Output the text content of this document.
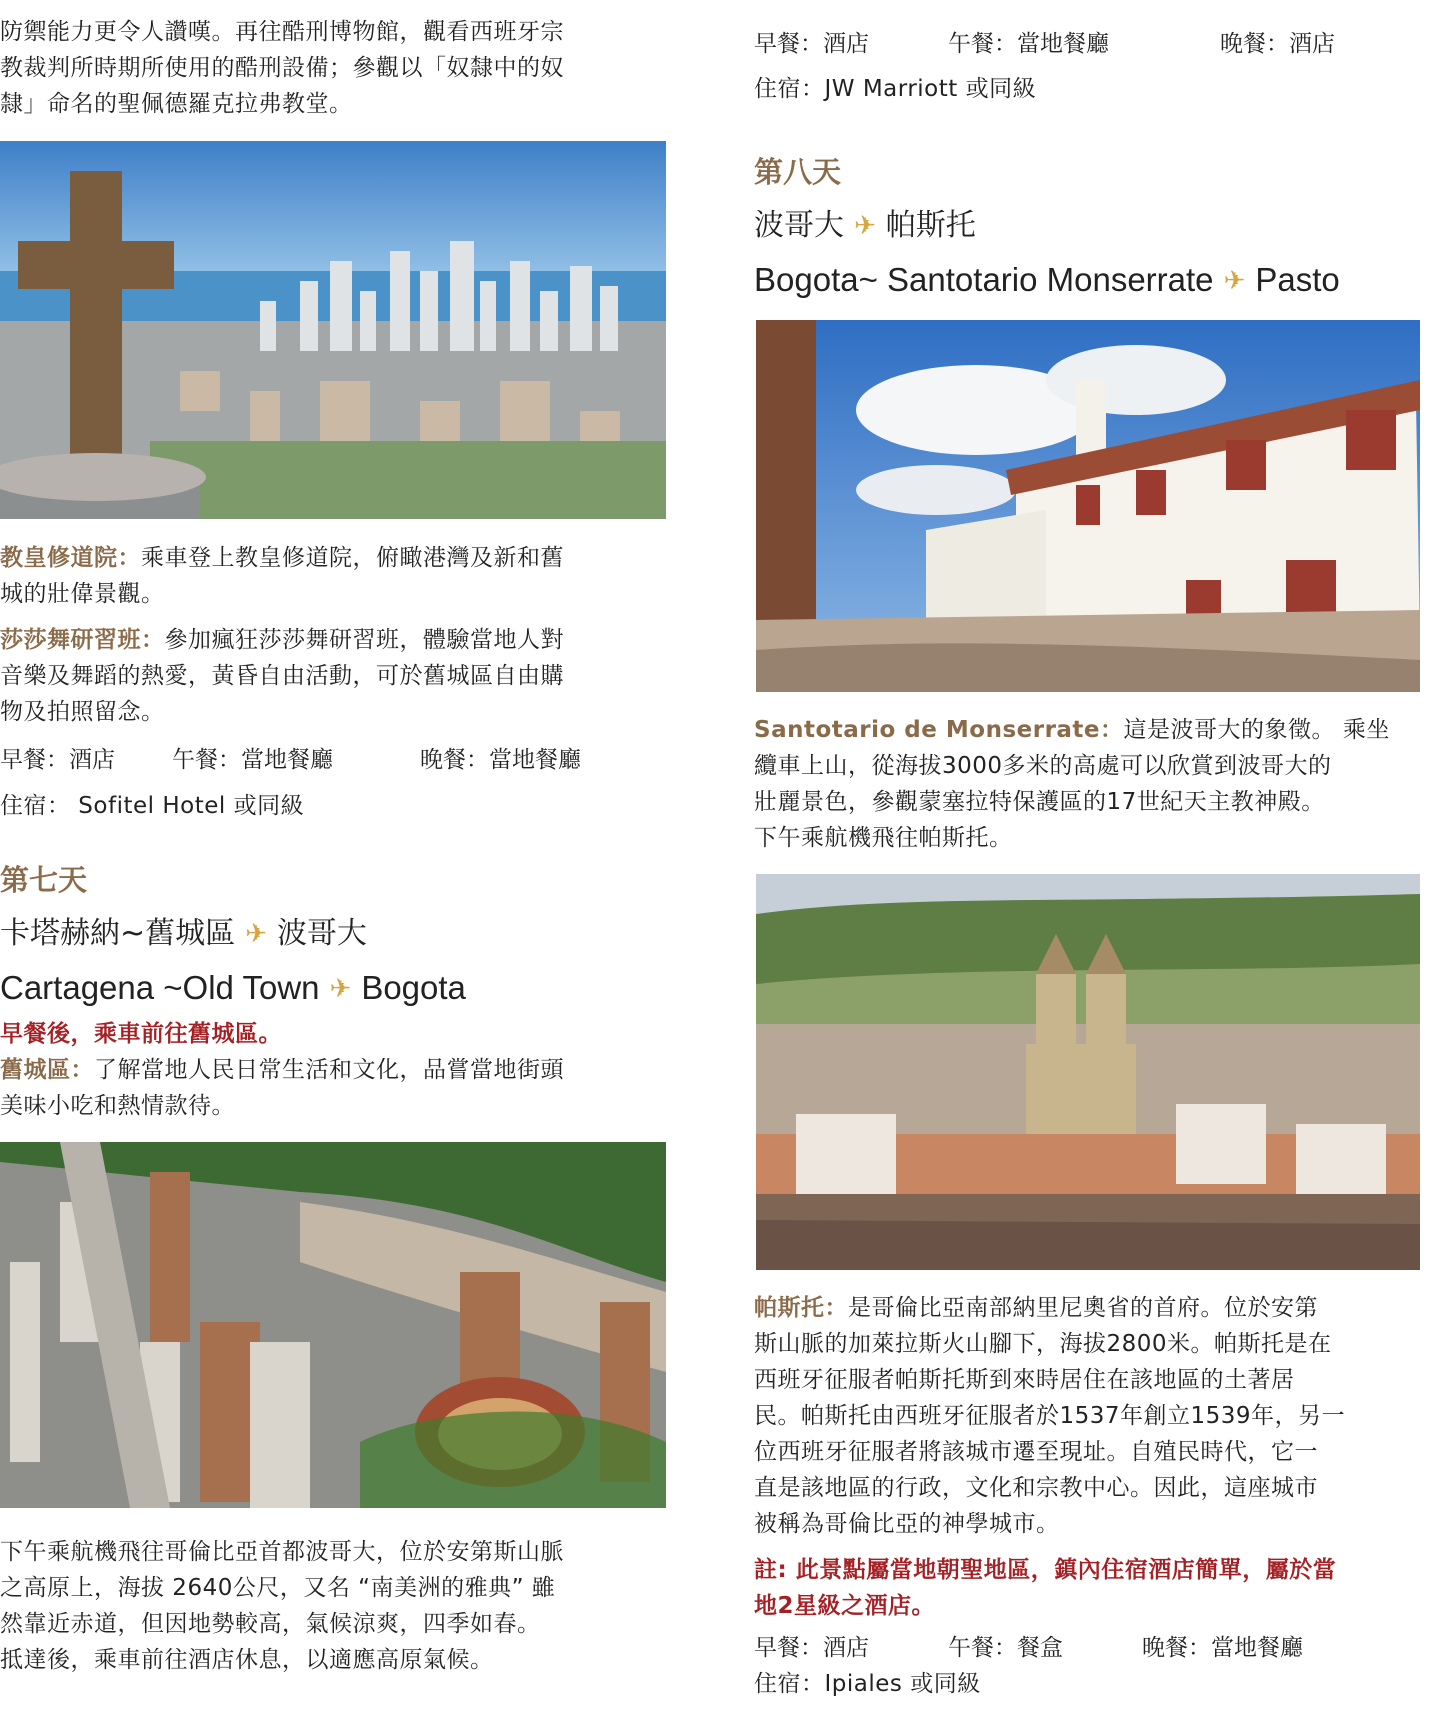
防禦能力更令人讚嘆。再往酷刑博物館，觀看西班牙宗

教裁判所時期所使用的酷刑設備；參觀以「奴隸中的奴

隸」命名的聖佩德羅克拉弗教堂。

教皇修道院：乘車登上教皇修道院，俯瞰港灣及新和舊

城的壯偉景觀。

莎莎舞研習班：參加瘋狂莎莎舞研習班，體驗當地人對

音樂及舞蹈的熱愛，黃昏自由活動，可於舊城區自由購

物及拍照留念。

早餐：酒店	午餐：當地餐廳	晚餐：當地餐廳

住宿： Sofitel Hotel 或同級

第七天
卡塔赫納~舊城區 ✈ 波哥大
Cartagena ~Old Town ✈ Bogota

早餐後，乘車前往舊城區。

舊城區：了解當地人民日常生活和文化，品嘗當地街頭

美味小吃和熱情款待。

下午乘航機飛往哥倫比亞首都波哥大，位於安第斯山脈

之高原上，海拔 2640公尺，又名 “南美洲的雅典” 雖

然靠近赤道，但因地勢較高，氣候涼爽，四季如春。

抵達後，乘車前往酒店休息，以適應高原氣候。

早餐：酒店	午餐：當地餐廳	晚餐：酒店

住宿：JW Marriott 或同級

第八天
波哥大 ✈ 帕斯托
Bogota~ Santotario Monserrate ✈ Pasto

Santotario de Monserrate：這是波哥大的象徵。 乘坐

纜車上山，從海拔3000多米的高處可以欣賞到波哥大的

壯麗景色，參觀蒙塞拉特保護區的17世紀天主教神殿。

下午乘航機飛往帕斯托。

帕斯托：是哥倫比亞南部納里尼奧省的首府。位於安第

斯山脈的加萊拉斯火山腳下，海拔2800米。帕斯托是在

西班牙征服者帕斯托斯到來時居住在該地區的土著居

民。帕斯托由西班牙征服者於1537年創立1539年，另一

位西班牙征服者將該城市遷至現址。自殖民時代，它一

直是該地區的行政，文化和宗教中心。因此，這座城市

被稱為哥倫比亞的神學城市。

註: 此景點屬當地朝聖地區，鎮內住宿酒店簡單，屬於當

地2星級之酒店。

早餐：酒店	午餐：餐盒	晚餐：當地餐廳

住宿：Ipiales 或同級
